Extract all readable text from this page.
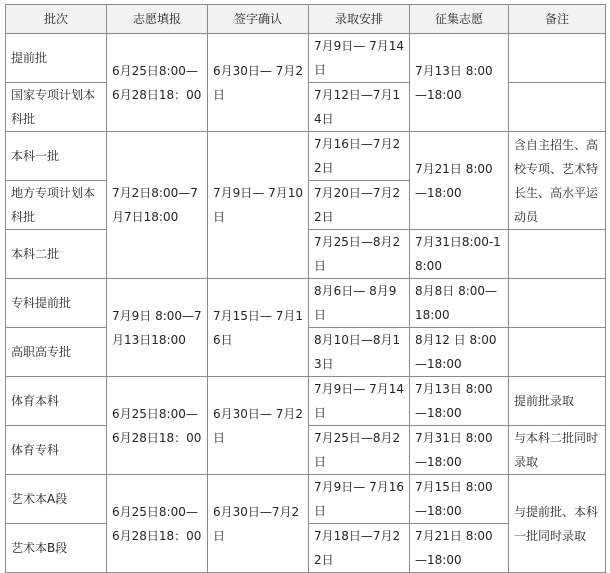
批次	志愿填报	签字确认	录取安排	征集志愿	备注
提前批	6月25日8:00—6月28日18：00	6月30日— 7月2日	7月9日— 7月14日	7月13日 8:00—18:00	
国家专项计划本科批			7月12日—7月14日		
本科一批	7月2日8:00—7月7日18:00	7月9日— 7月10日	7月16日—7月22日	7月21日 8:00—18:00	含自主招生、高校专项、艺术特长生、高水平运动员
地方专项计划本科批			7月20日—7月22日		
本科二批			7月25日—8月2日	7月31日8:00-18:00	
专科提前批	7月9日 8:00—7月13日18:00	7月15日— 7月16日	8月6日— 8月9日	8月8日 8:00—18:00	
高职高专批			8月10日—8月13日	8月12 日 8:00—18:00	
体育本科	6月25日8:00—6月28日18：00	6月30日— 7月2日	7月9日— 7月14日	7月13日 8:00—18:00	提前批录取
体育专科			7月25日—8月2日	7月31日 8:00—18:00	与本科二批同时录取
艺术本A段	6月25日8:00—6月28日18：00	6月30日—7月2日	7月9日— 7月16日	7月15日 8:00—18:00	与提前批、本科一批同时录取
艺术本B段			7月18日—7月22日	7月21日 8:00—18:00	
